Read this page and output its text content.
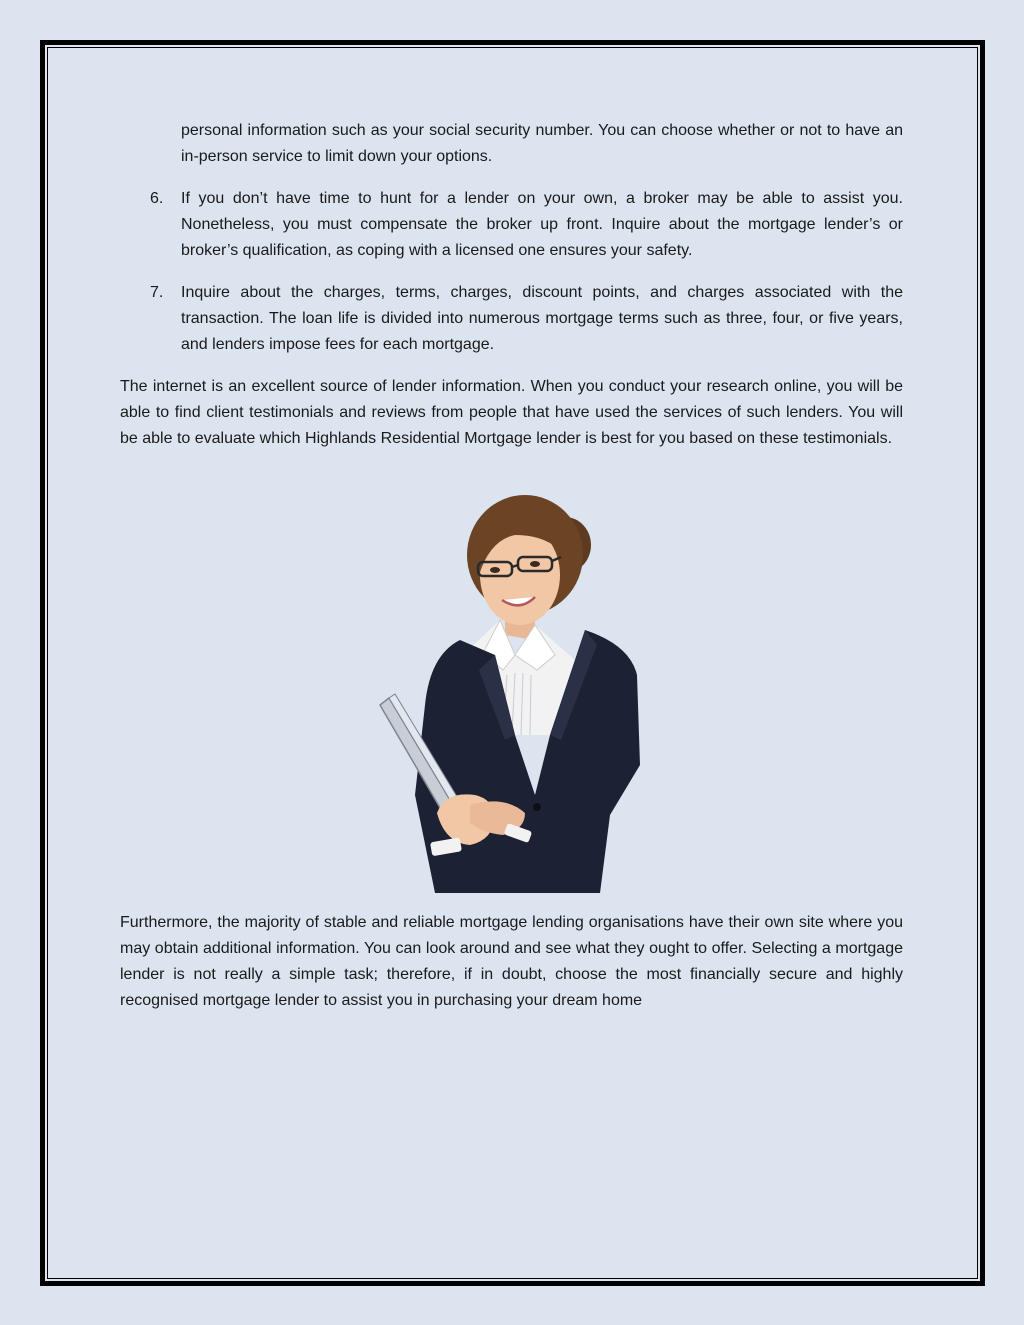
personal information such as your social security number. You can choose whether or not to have an in-person service to limit down your options.
6. If you don’t have time to hunt for a lender on your own, a broker may be able to assist you. Nonetheless, you must compensate the broker up front. Inquire about the mortgage lender’s or broker’s qualification, as coping with a licensed one ensures your safety.
7. Inquire about the charges, terms, charges, discount points, and charges associated with the transaction. The loan life is divided into numerous mortgage terms such as three, four, or five years, and lenders impose fees for each mortgage.

The internet is an excellent source of lender information. When you conduct your research online, you will be able to find client testimonials and reviews from people that have used the services of such lenders. You will be able to evaluate which Highlands Residential Mortgage lender is best for you based on these testimonials.

Furthermore, the majority of stable and reliable mortgage lending organisations have their own site where you may obtain additional information. You can look around and see what they ought to offer. Selecting a mortgage lender is not really a simple task; therefore, if in doubt, choose the most financially secure and highly recognised mortgage lender to assist you in purchasing your dream home
